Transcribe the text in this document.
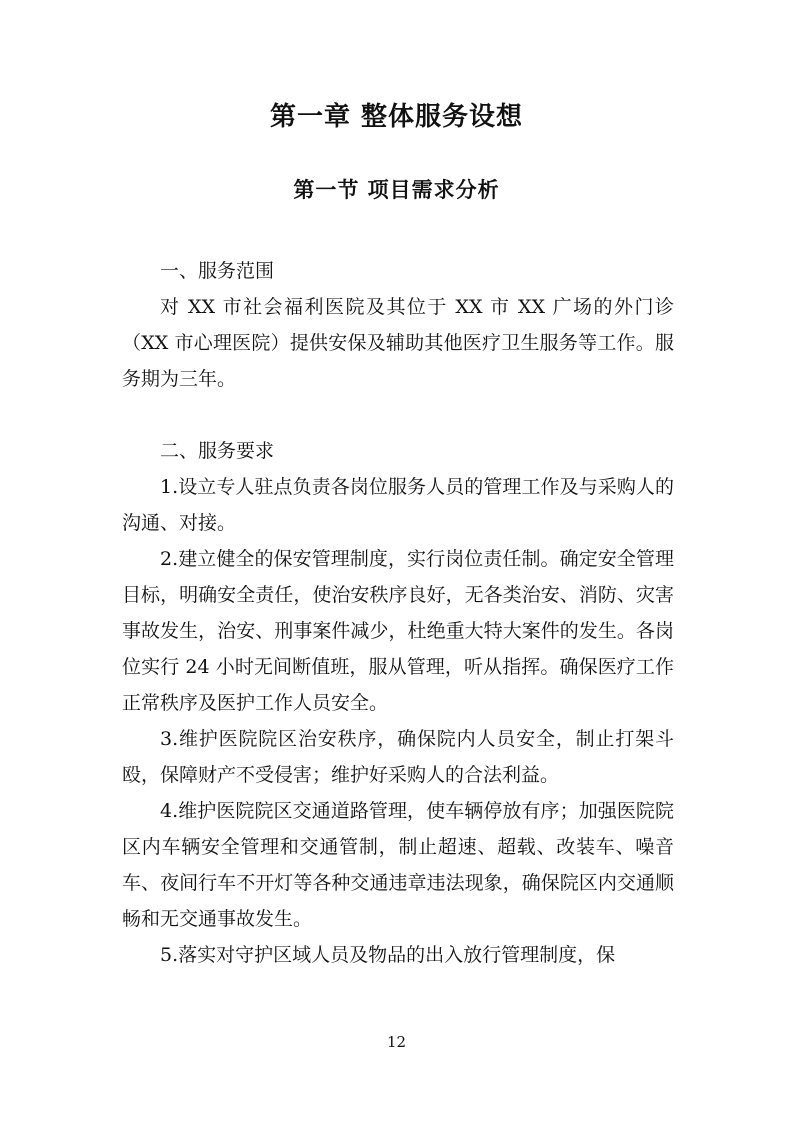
第一章 整体服务设想
第一节 项目需求分析

一、服务范围

对 XX 市社会福利医院及其位于 XX 市 XX 广场的外门诊（XX 市心理医院）提供安保及辅助其他医疗卫生服务等工作。服务期为三年。

二、服务要求

1.设立专人驻点负责各岗位服务人员的管理工作及与采购人的沟通、对接。

2.建立健全的保安管理制度，实行岗位责任制。确定安全管理目标，明确安全责任，使治安秩序良好，无各类治安、消防、灾害事故发生，治安、刑事案件减少，杜绝重大特大案件的发生。各岗位实行 24 小时无间断值班，服从管理，听从指挥。确保医疗工作正常秩序及医护工作人员安全。

3.维护医院院区治安秩序，确保院内人员安全，制止打架斗殴，保障财产不受侵害；维护好采购人的合法利益。

4.维护医院院区交通道路管理，使车辆停放有序；加强医院院区内车辆安全管理和交通管制，制止超速、超载、改装车、噪音车、夜间行车不开灯等各种交通违章违法现象，确保院区内交通顺畅和无交通事故发生。

5.落实对守护区域人员及物品的出入放行管理制度，保

12
